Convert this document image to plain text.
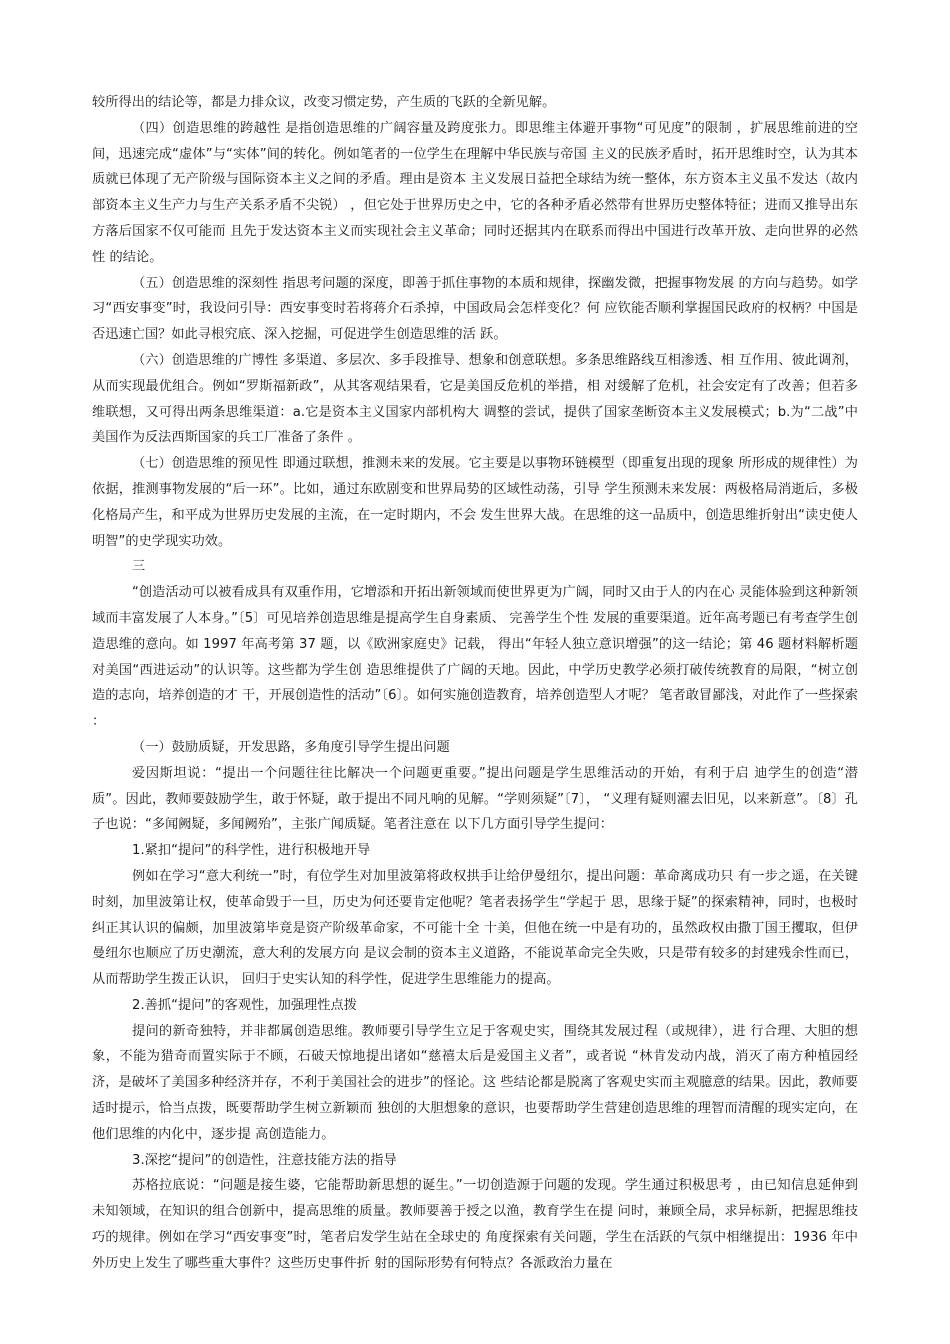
较所得出的结论等，都是力排众议，改变习惯定势，产生质的飞跃的全新见解。

（四）创造思维的跨越性 是指创造思维的广阔容量及跨度张力。即思维主体避开事物“可见度”的限制 ，扩展思维前进的空间，迅速完成“虚体”与“实体”间的转化。例如笔者的一位学生在理解中华民族与帝国 主义的民族矛盾时，拓开思维时空，认为其本质就已体现了无产阶级与国际资本主义之间的矛盾。理由是资本 主义发展日益把全球结为统一整体，东方资本主义虽不发达（故内部资本主义生产力与生产关系矛盾不尖锐） ，但它处于世界历史之中，它的各种矛盾必然带有世界历史整体特征；进而又推导出东方落后国家不仅可能而 且先于发达资本主义而实现社会主义革命；同时还据其内在联系而得出中国进行改革开放、走向世界的必然性 的结论。

（五）创造思维的深刻性 指思考问题的深度，即善于抓住事物的本质和规律，探幽发微，把握事物发展 的方向与趋势。如学习“西安事变”时，我设问引导：西安事变时若将蒋介石杀掉，中国政局会怎样变化？何 应钦能否顺利掌握国民政府的权柄？中国是否迅速亡国？如此寻根究底、深入挖掘，可促进学生创造思维的活 跃。

（六）创造思维的广博性 多渠道、多层次、多手段推导、想象和创意联想。多条思维路线互相渗透、相 互作用、彼此调剂，从而实现最优组合。例如“罗斯福新政”，从其客观结果看，它是美国反危机的举措，相 对缓解了危机，社会安定有了改善；但若多维联想，又可得出两条思维渠道：a.它是资本主义国家内部机构大 调整的尝试，提供了国家垄断资本主义发展模式；b.为“二战”中美国作为反法西斯国家的兵工厂准备了条件 。

（七）创造思维的预见性 即通过联想，推测未来的发展。它主要是以事物环链模型（即重复出现的现象 所形成的规律性）为依据，推测事物发展的“后一环”。比如，通过东欧剧变和世界局势的区域性动荡，引导 学生预测未来发展：两极格局消逝后，多极化格局产生，和平成为世界历史发展的主流，在一定时期内，不会 发生世界大战。在思维的这一品质中，创造思维折射出“读史使人明智”的史学现实功效。

三

“创造活动可以被看成具有双重作用，它增添和开拓出新领域而使世界更为广阔，同时又由于人的内在心 灵能体验到这种新领域而丰富发展了人本身。”〔5〕可见培养创造思维是提高学生自身素质、 完善学生个性 发展的重要渠道。近年高考题已有考查学生创造思维的意向。如 1997 年高考第 37 题，以《欧洲家庭史》记载， 得出“年轻人独立意识增强”的这一结论；第 46 题材料解析题对美国“西进运动”的认识等。这些都为学生创 造思维提供了广阔的天地。因此，中学历史教学必须打破传统教育的局限，“树立创造的志向，培养创造的才 干，开展创造性的活动”〔6〕。如何实施创造教育，培养创造型人才呢？ 笔者敢冒鄙浅，对此作了一些探索 ：

（一）鼓励质疑，开发思路，多角度引导学生提出问题

爱因斯坦说：“提出一个问题往往比解决一个问题更重要。”提出问题是学生思维活动的开始，有利于启 迪学生的创造“潜质”。因此，教师要鼓励学生，敢于怀疑，敢于提出不同凡响的见解。“学则须疑”〔7〕， “义理有疑则濯去旧见，以来新意”。〔8〕孔子也说：“多闻阙疑，多闻阙殆”，主张广闻质疑。笔者注意在 以下几方面引导学生提问：

1.紧扣“提问”的科学性，进行积极地开导

例如在学习“意大利统一”时，有位学生对加里波第将政权拱手让给伊曼纽尔，提出问题：革命离成功只 有一步之遥，在关键时刻，加里波第让权，使革命毁于一旦，历史为何还要肯定他呢？笔者表扬学生“学起于 思，思缘于疑”的探索精神，同时，也极时纠正其认识的偏颇，加里波第毕竟是资产阶级革命家，不可能十全 十美，但他在统一中是有功的，虽然政权由撒丁国王攫取，但伊曼纽尔也顺应了历史潮流，意大利的发展方向 是议会制的资本主义道路，不能说革命完全失败，只是带有较多的封建残余性而已，从而帮助学生拨正认识， 回归于史实认知的科学性，促进学生思维能力的提高。

2.善抓“提问”的客观性，加强理性点拨

提问的新奇独特，并非都属创造思维。教师要引导学生立足于客观史实，围绕其发展过程（或规律），进 行合理、大胆的想象，不能为猎奇而置实际于不顾，石破天惊地提出诸如“慈禧太后是爱国主义者”，或者说 “林肯发动内战，消灭了南方种植园经济，是破坏了美国多种经济并存，不利于美国社会的进步”的怪论。这 些结论都是脱离了客观史实而主观臆意的结果。因此，教师要适时提示，恰当点拨，既要帮助学生树立新颖而 独创的大胆想象的意识，也要帮助学生营建创造思维的理智而清醒的现实定向，在他们思维的内化中，逐步提 高创造能力。

3.深挖“提问”的创造性，注意技能方法的指导

苏格拉底说：“问题是接生婆，它能帮助新思想的诞生。”一切创造源于问题的发现。学生通过积极思考 ，由已知信息延伸到未知领域，在知识的组合创新中，提高思维的质量。教师要善于授之以渔，教育学生在提 问时，兼顾全局，求异标新，把握思维技巧的规律。例如在学习“西安事变”时，笔者启发学生站在全球史的 角度探索有关问题，学生在活跃的气氛中相继提出：1936 年中外历史上发生了哪些重大事件？这些历史事件折 射的国际形势有何特点？各派政治力量在
